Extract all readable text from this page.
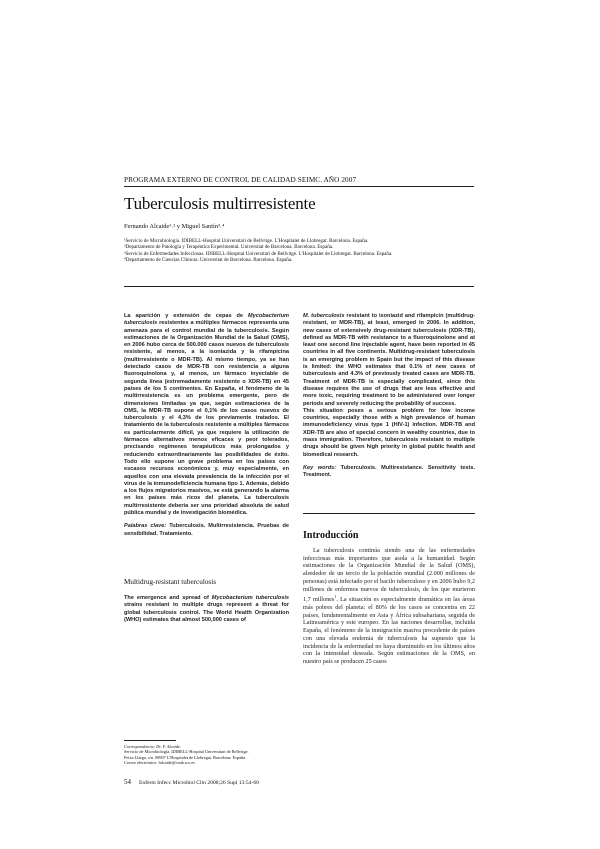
PROGRAMA EXTERNO DE CONTROL DE CALIDAD SEIMC. AÑO 2007
Tuberculosis multirresistente
Fernando Alcaide¹˒² y Miguel Santín³˒⁴
¹Servicio de Microbiología. IDIBELL-Hospital Universitari de Bellvitge. L'Hospitalet de Llobregat. Barcelona. España.
²Departamento de Patología y Terapéutica Experimental. Universitat de Barcelona. Barcelona. España.
³Servicio de Enfermedades Infecciosas. IDIBELL-Hospital Universitari de Bellvitge. L'Hospitalet de Llobregat. Barcelona. España.
⁴Departamento de Ciencias Clínicas. Universitat de Barcelona. Barcelona. España.

La aparición y extensión de cepas de Mycobacterium tuberculosis resistentes a múltiples fármacos representa una amenaza para el control mundial de la tuberculosis. Según estimaciones de la Organización Mundial de la Salud (OMS), en 2006 hubo cerca de 500.000 casos nuevos de tuberculosis resistente, al menos, a la isoniazida y la rifampicina (multirresistente o MDR-TB). Al mismo tiempo, ya se han detectado casos de MDR-TB con resistencia a alguna fluoroquinolona y, al menos, un fármaco inyectable de segunda línea (extremadamente resistente o XDR-TB) en 45 países de los 5 continentes. En España, el fenómeno de la multirresistencia es un problema emergente, pero de dimensiones limitadas ya que, según estimaciones de la OMS, la MDR-TB supone el 0,1% de los casos nuevos de tuberculosis y el 4,3% de los previamente tratados. El tratamiento de la tuberculosis resistente a múltiples fármacos es particularmente difícil, ya que requiere la utilización de fármacos alternativos menos eficaces y peor tolerados, precisando regímenes terapéuticos más prolongados y reduciendo extraordinariamente las posibilidades de éxito. Todo ello supone un grave problema en los países con escasos recursos económicos y, muy especialmente, en aquellos con una elevada prevalencia de la infección por el virus de la inmunodeficiencia humana tipo 1. Además, debido a los flujos migratorios masivos, se está generando la alarma en los países más ricos del planeta. La tuberculosis multirresistente debería ser una prioridad absoluta de salud pública mundial y de investigación biomédica.

Palabras clave: Tuberculosis. Multirresistencia. Pruebas de sensibilidad. Tratamiento.

Multidrug-resistant tuberculosis

The emergence and spread of Mycobacterium tuberculosis strains resistant to multiple drugs represent a threat for global tuberculosis control. The World Health Organization (WHO) estimates that almost 500,000 cases of

M. tuberculosis resistant to isoniazid and rifampicin (multidrug-resistant, or MDR-TB), at least, emerged in 2006. In addition, new cases of extensively drug-resistant tuberculosis (XDR-TB), defined as MDR-TB with resistance to a fluoroquinolone and at least one second line injectable agent, have been reported in 45 countries in all five continents. Multidrug-resistant tuberculosis is an emerging problem in Spain but the impact of this disease is limited: the WHO estimates that 0.1% of new cases of tuberculosis and 4.3% of previously treated cases are MDR-TB. Treatment of MDR-TB is especially complicated, since this disease requires the use of drugs that are less effective and more toxic, requiring treatment to be administered over longer periods and severely reducing the probability of success.

This situation poses a serious problem for low income countries, especially those with a high prevalence of human immunodeficiency virus type 1 (HIV-1) infection. MDR-TB and XDR-TB are also of special concern in wealthy countries, due to mass immigration. Therefore, tuberculosis resistant to multiple drugs should be given high priority in global public health and biomedical research.

Key words: Tuberculosis. Multiresistance. Sensitivity tests. Treatment.

Introducción

La tuberculosis continúa siendo una de las enfermedades infecciosas más importantes que asola a la humanidad. Según estimaciones de la Organización Mundial de la Salud (OMS), alrededor de un tercio de la población mundial (2.000 millones de personas) está infectado por el bacilo tuberculoso y en 2006 hubo 9,2 millones de enfermos nuevos de tuberculosis, de los que murieron 1,7 millones$^1$. La situación es especialmente dramática en las áreas más pobres del planeta: el 80% de los casos se concentra en 22 países, fundamentalmente en Asia y África subsahariana, seguida de Latinoamérica y este europeo. En las naciones desarrollas, incluida España, el fenómeno de la inmigración masiva procedente de países con una elevada endemia de tuberculosis ha supuesto que la incidencia de la enfermedad no haya disminuido en los últimos años con la intensidad deseada. Según estimaciones de la OMS, en nuestro país se producen 25 casos

Correspondencia: Dr. F. Alcaide.
Servicio de Microbiología. IDIBELL-Hospital Universitari de Bellvitge.
Feixa Llarga, s/n. 08907 L'Hospitalet de Llobregat. Barcelona. España.
Correo electrónico: falcaide@csub.scs.es
54 Enferm Infecc Microbiol Clin 2008;26 Supl 13:54-60
